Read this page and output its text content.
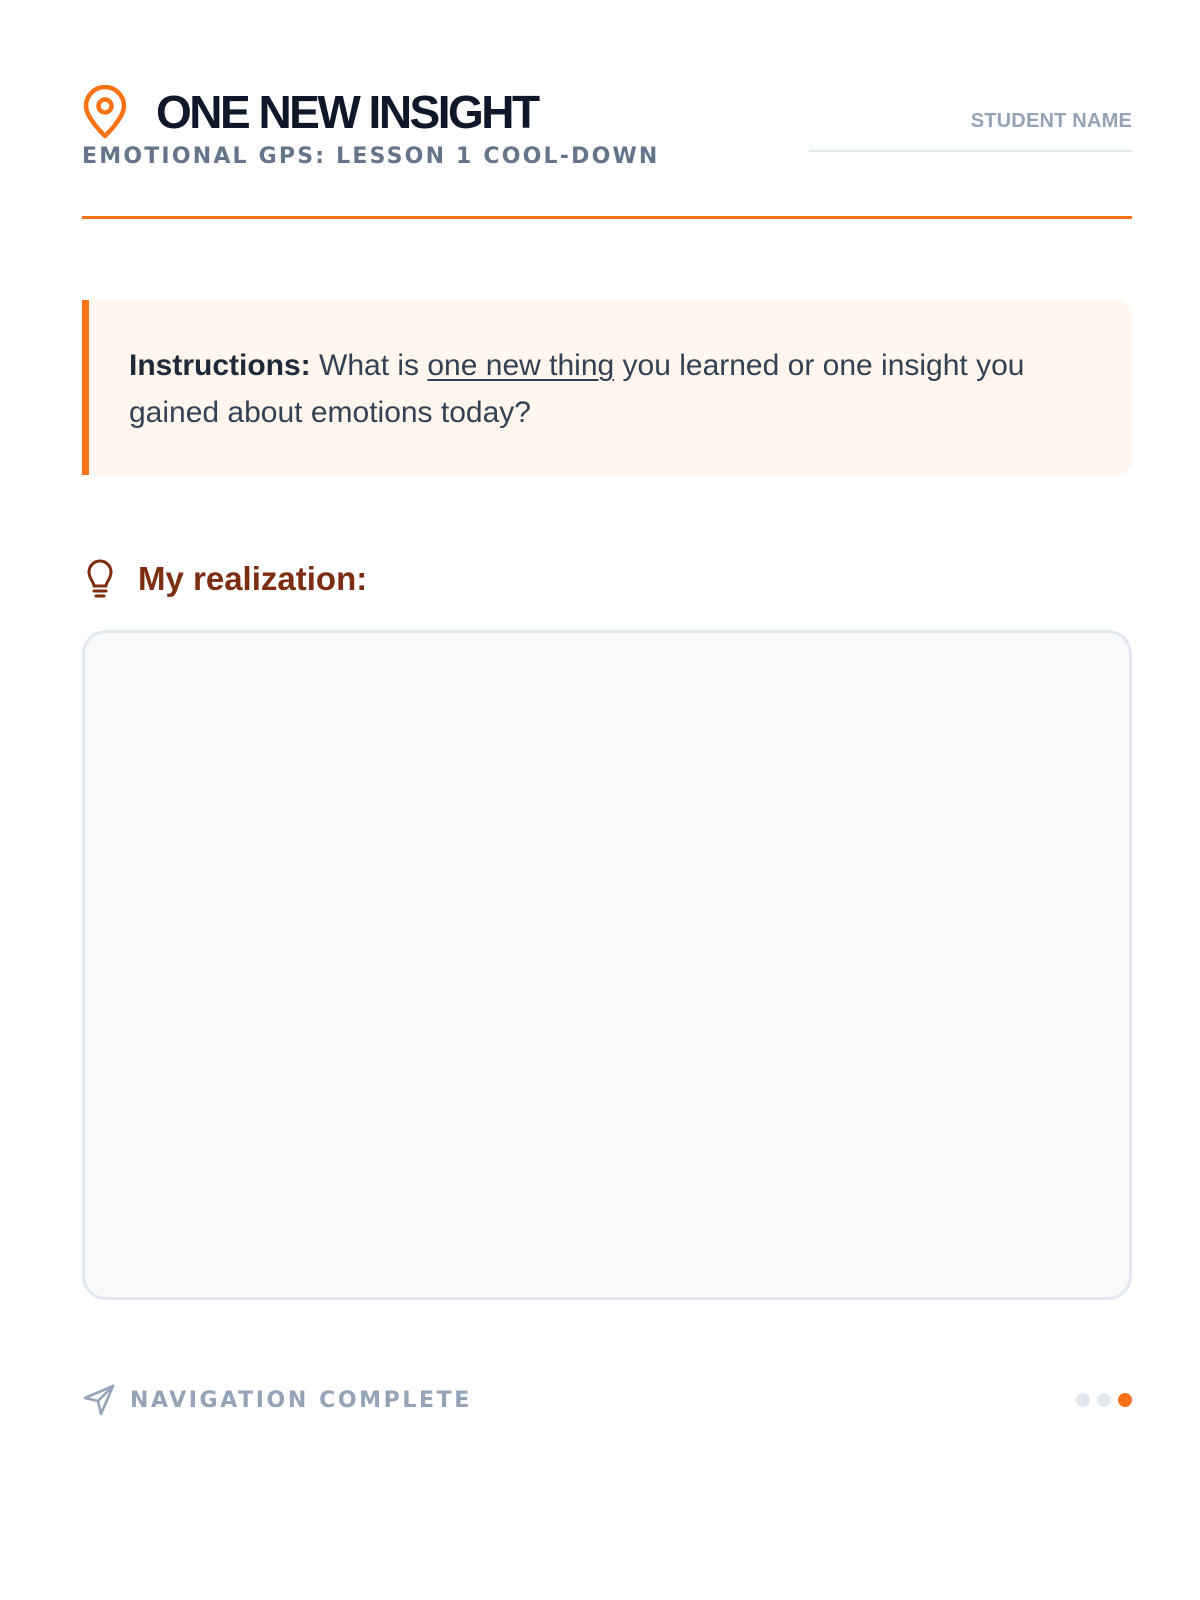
ONE NEW INSIGHT
EMOTIONAL GPS: LESSON 1 COOL-DOWN
STUDENT NAME
Instructions: What is one new thing you learned or one insight you gained about emotions today?
My realization:
NAVIGATION COMPLETE
